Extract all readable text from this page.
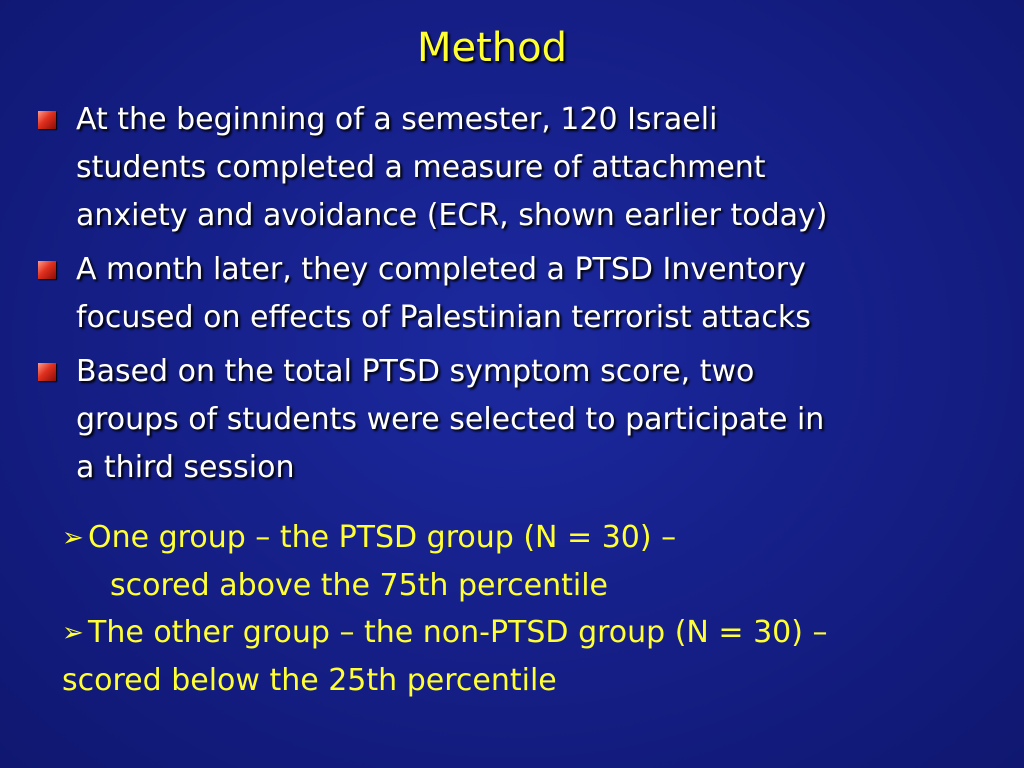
Method
At the beginning of a semester, 120 Israeli
students completed a measure of attachment
anxiety and avoidance (ECR, shown earlier today)
A month later, they completed a PTSD Inventory
focused on effects of Palestinian terrorist attacks
Based on the total PTSD symptom score, two
groups of students were selected to participate in
a third session
➢ One group – the PTSD group (N = 30) –
scored above the 75th percentile
➢ The other group – the non-PTSD group (N = 30) –
scored below the 25th percentile
